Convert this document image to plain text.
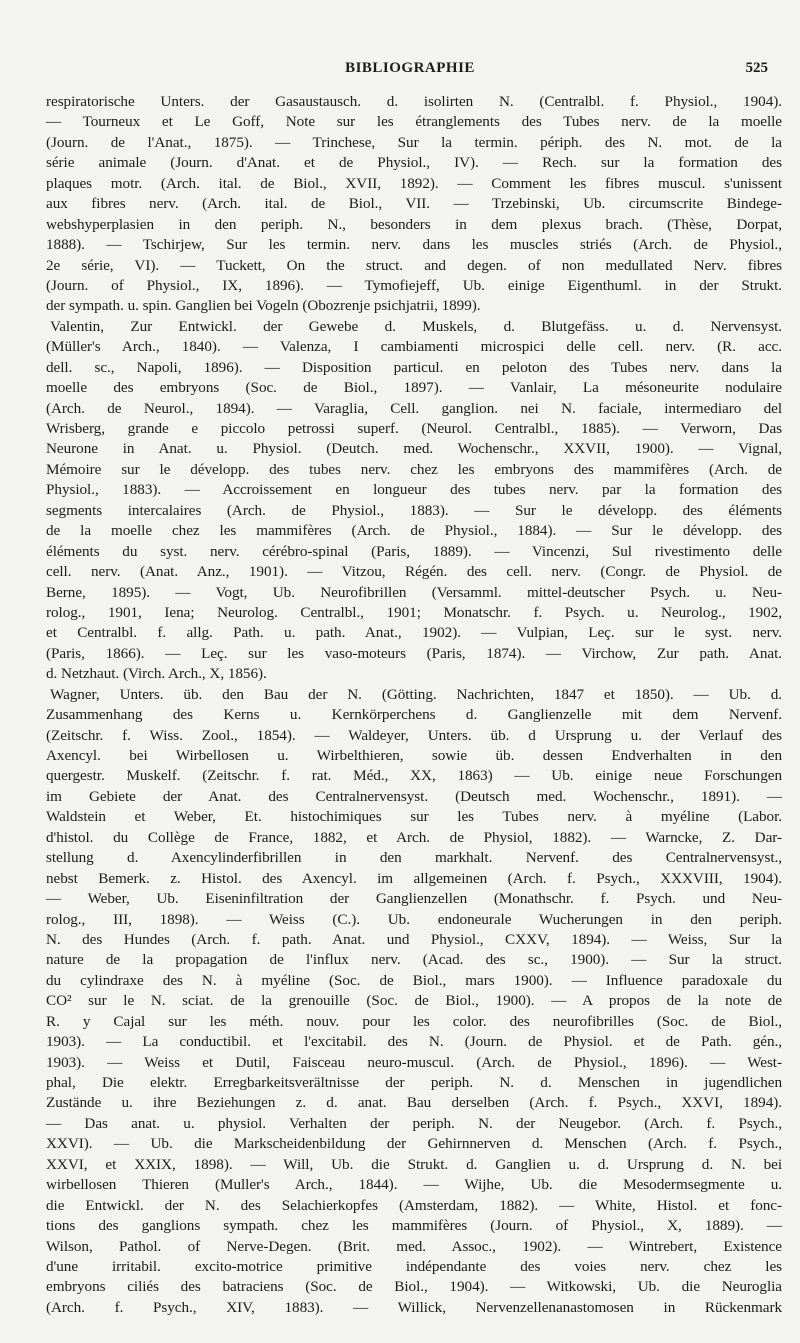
BIBLIOGRAPHIE	525
respiratorische Unters. der Gasaustausch. d. isolirten N. (Centralbl. f. Physiol., 1904).
— Tourneux et Le Goff, Note sur les étranglements des Tubes nerv. de la moelle
(Journ. de l'Anat., 1875). — Trinchese, Sur la termin. périph. des N. mot. de la
série animale (Journ. d'Anat. et de Physiol., IV). — Rech. sur la formation des
plaques motr. (Arch. ital. de Biol., XVII, 1892). — Comment les fibres muscul. s'unissent
aux fibres nerv. (Arch. ital. de Biol., VII. — Trzebinski, Ub. circumscrite Bindege-
webshyperplasien in den periph. N., besonders in dem plexus brach. (Thèse, Dorpat,
1888). — Tschirjew, Sur les termin. nerv. dans les muscles striés (Arch. de Physiol.,
2e série, VI). — Tuckett, On the struct. and degen. of non medullated Nerv. fibres
(Journ. of Physiol., IX, 1896). — Tymofiejeff, Ub. einige Eigenthuml. in der Strukt.
der sympath. u. spin. Ganglien bei Vogeln (Obozrenje psichjatrii, 1899).
Valentin, Zur Entwickl. der Gewebe d. Muskels, d. Blutgefäss. u. d. Nervensyst.
(Müller's Arch., 1840). — Valenza, I cambiamenti microspici delle cell. nerv. (R. acc.
dell. sc., Napoli, 1896). — Disposition particul. en peloton des Tubes nerv. dans la
moelle des embryons (Soc. de Biol., 1897). — Vanlair, La mésoneurite nodulaire
(Arch. de Neurol., 1894). — Varaglia, Cell. ganglion. nei N. faciale, intermediaro del
Wrisberg, grande e piccolo petrossi superf. (Neurol. Centralbl., 1885). — Verworn, Das
Neurone in Anat. u. Physiol. (Deutch. med. Wochenschr., XXVII, 1900). — Vignal,
Mémoire sur le développ. des tubes nerv. chez les embryons des mammifères (Arch. de
Physiol., 1883). — Accroissement en longueur des tubes nerv. par la formation des
segments intercalaires (Arch. de Physiol., 1883). — Sur le développ. des éléments
de la moelle chez les mammifères (Arch. de Physiol., 1884). — Sur le développ. des
éléments du syst. nerv. cérébro-spinal (Paris, 1889). — Vincenzi, Sul rivestimento delle
cell. nerv. (Anat. Anz., 1901). — Vitzou, Régén. des cell. nerv. (Congr. de Physiol. de
Berne, 1895). — Vogt, Ub. Neurofibrillen (Versamml. mittel-deutscher Psych. u. Neu-
rolog., 1901, Iena; Neurolog. Centralbl., 1901; Monatschr. f. Psych. u. Neurolog., 1902,
et Centralbl. f. allg. Path. u. path. Anat., 1902). — Vulpian, Leç. sur le syst. nerv.
(Paris, 1866). — Leç. sur les vaso-moteurs (Paris, 1874). — Virchow, Zur path. Anat.
d. Netzhaut. (Virch. Arch., X, 1856).
Wagner, Unters. üb. den Bau der N. (Götting. Nachrichten, 1847 et 1850). — Ub. d.
Zusammenhang des Kerns u. Kernkörperchens d. Ganglienzelle mit dem Nervenf.
(Zeitschr. f. Wiss. Zool., 1854). — Waldeyer, Unters. üb. d Ursprung u. der Verlauf des
Axencyl. bei Wirbellosen u. Wirbelthieren, sowie üb. dessen Endverhalten in den
quergestr. Muskelf. (Zeitschr. f. rat. Méd., XX, 1863) — Ub. einige neue Forschungen
im Gebiete der Anat. des Centralnervensyst. (Deutsch med. Wochenschr., 1891). —
Waldstein et Weber, Et. histochimiques sur les Tubes nerv. à myéline (Labor.
d'histol. du Collège de France, 1882, et Arch. de Physiol, 1882). — Warncke, Z. Dar-
stellung d. Axencylinderfibrillen in den markhalt. Nervenf. des Centralnervensyst.,
nebst Bemerk. z. Histol. des Axencyl. im allgemeinen (Arch. f. Psych., XXXVIII, 1904).
— Weber, Ub. Eiseninfiltration der Ganglienzellen (Monathschr. f. Psych. und Neu-
rolog., III, 1898). — Weiss (C.). Ub. endoneurale Wucherungen in den periph.
N. des Hundes (Arch. f. path. Anat. und Physiol., CXXV, 1894). — Weiss, Sur la
nature de la propagation de l'influx nerv. (Acad. des sc., 1900). — Sur la struct.
du cylindraxe des N. à myéline (Soc. de Biol., mars 1900). — Influence paradoxale du
CO² sur le N. sciat. de la grenouille (Soc. de Biol., 1900). — A propos de la note de
R. y Cajal sur les méth. nouv. pour les color. des neurofibrilles (Soc. de Biol.,
1903). — La conductibil. et l'excitabil. des N. (Journ. de Physiol. et de Path. gén.,
1903). — Weiss et Dutil, Faisceau neuro-muscul. (Arch. de Physiol., 1896). — West-
phal, Die elektr. Erregbarkeitsverältnisse der periph. N. d. Menschen in jugendlichen
Zustände u. ihre Beziehungen z. d. anat. Bau derselben (Arch. f. Psych., XXVI, 1894).
— Das anat. u. physiol. Verhalten der periph. N. der Neugebor. (Arch. f. Psych.,
XXVI). — Ub. die Markscheidenbildung der Gehirnnerven d. Menschen (Arch. f. Psych.,
XXVI, et XXIX, 1898). — Will, Ub. die Strukt. d. Ganglien u. d. Ursprung d. N. bei
wirbellosen Thieren (Muller's Arch., 1844). — Wijhe, Ub. die Mesodermsegmente u.
die Entwickl. der N. des Selachierkopfes (Amsterdam, 1882). — White, Histol. et fonc-
tions des ganglions sympath. chez les mammifères (Journ. of Physiol., X, 1889). —
Wilson, Pathol. of Nerve-Degen. (Brit. med. Assoc., 1902). — Wintrebert, Existence
d'une irritabil. excito-motrice primitive indépendante des voies nerv. chez les
embryons ciliés des batraciens (Soc. de Biol., 1904). — Witkowski, Ub. die Neuroglia
(Arch. f. Psych., XIV, 1883). — Willick, Nervenzellenanastomosen in Rückenmark
